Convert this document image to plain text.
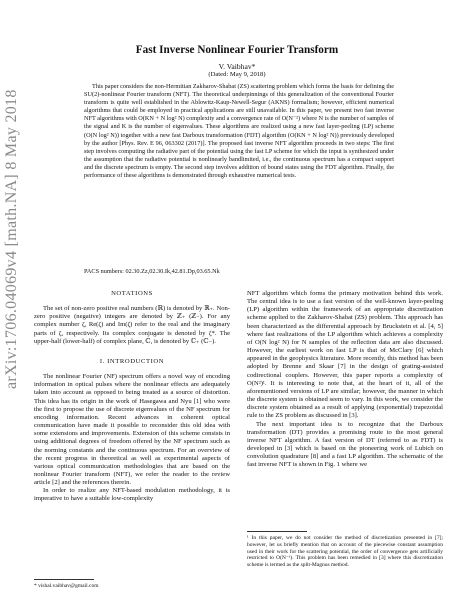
arXiv:1706.04069v4 [math.NA] 8 May 2018
Fast Inverse Nonlinear Fourier Transform
V. Vaibhav*
(Dated: May 9, 2018)

This paper considers the non-Hermitian Zakharov-Shabat (ZS) scattering problem which forms the basis for defining the SU(2)-nonlinear Fourier transform (NFT). The theoretical underpinnings of this generalization of the conventional Fourier transform is quite well established in the Ablowitz-Kaup-Newell-Segur (AKNS) formalism; however, efficient numerical algorithms that could be employed in practical applications are still unavailable. In this paper, we present two fast inverse NFT algorithms with O(KN + N log² N) complexity and a convergence rate of O(N⁻²) where N is the number of samples of the signal and K is the number of eigenvalues. These algorithms are realized using a new fast layer-peeling (LP) scheme (O(N log² N)) together with a new fast Darboux transformation (FDT) algorithm (O(KN + N log² N)) previously developed by the author [Phys. Rev. E 96, 063302 (2017)]. The proposed fast inverse NFT algorithm proceeds in two steps: The first step involves computing the radiative part of the potential using the fast LP scheme for which the input is synthesized under the assumption that the radiative potential is nonlinearly bandlimited, i.e., the continuous spectrum has a compact support and the discrete spectrum is empty. The second step involves addition of bound states using the FDT algorithm. Finally, the performance of these algorithms is demonstrated through exhaustive numerical tests.

PACS numbers: 02.30.Zz,02.30.Ik,42.81.Dp,03.65.Nk

NOTATIONS

The set of non-zero positive real numbers (ℝ) is denoted by ℝ₊. Non-zero positive (negative) integers are denoted by ℤ₊ (ℤ₋). For any complex number ζ, Re(ζ) and Im(ζ) refer to the real and the imaginary parts of ζ, respectively. Its complex conjugate is denoted by ζ*. The upper-half (lower-half) of complex plane, ℂ, is denoted by ℂ₊ (ℂ₋).

I. INTRODUCTION

The nonlinear Fourier (NF) spectrum offers a novel way of encoding information in optical pulses where the nonlinear effects are adequately taken into account as opposed to being treated as a source of distortion. This idea has its origin in the work of Hasegawa and Nyu [1] who were the first to propose the use of discrete eigenvalues of the NF spectrum for encoding information. Recent advances in coherent optical communication have made it possible to reconsider this old idea with some extensions and improvements. Extension of this scheme consists in using additional degrees of freedom offered by the NF spectrum such as the norming constants and the continuous spectrum. For an overview of the recent progress in theoretical as well as experimental aspects of various optical communication methodologies that are based on the nonlinear Fourier transform (NFT), we refer the reader to the review article [2] and the references therein.

In order to realize any NFT-based modulation methodology, it is imperative to have a suitable low-complexity

* vishal.vaibhav@gmail.com

NFT algorithm which forms the primary motivation behind this work. The central idea is to use a fast version of the well-known layer-peeling (LP) algorithm within the framework of an appropriate discretization scheme applied to the Zakharov-Shabat (ZS) problem. This approach has been characterized as the differential approach by Bruckstein et al. [4, 5] where fast realizations of the LP algorithm which achieves a complexity of O(N log² N) for N samples of the reflection data are also discussed. However, the earliest work on fast LP is that of McClary [6] which appeared in the geophysics literature. More recently, this method has been adopted by Brenne and Skaar [7] in the design of grating-assisted codirectional couplers. However, this paper reports a complexity of O(N²)¹. It is interesting to note that, at the heart of it, all of the aforementioned versions of LP are similar; however, the manner in which the discrete system is obtained seem to vary. In this work, we consider the discrete system obtained as a result of applying (exponential) trapezoidal rule to the ZS problem as discussed in [3].

The next important idea is to recognize that the Darboux transformation (DT) provides a promising route to the most general inverse NFT algorithm. A fast version of DT (referred to as FDT) is developed in [3] which is based on the pioneering work of Lubich on convolution quadrature [8] and a fast LP algorithm. The schematic of the fast inverse NFT is shown in Fig. 1 where we

¹ In this paper, we do not consider the method of discretization presented in [7]; however, let us briefly mention that on account of the piecewise constant assumption used in their work for the scattering potential, the order of convergence gets artificially restricted to O(N⁻¹). This problem has been remedied in [3] where this discretization scheme is termed as the split-Magnus method.
